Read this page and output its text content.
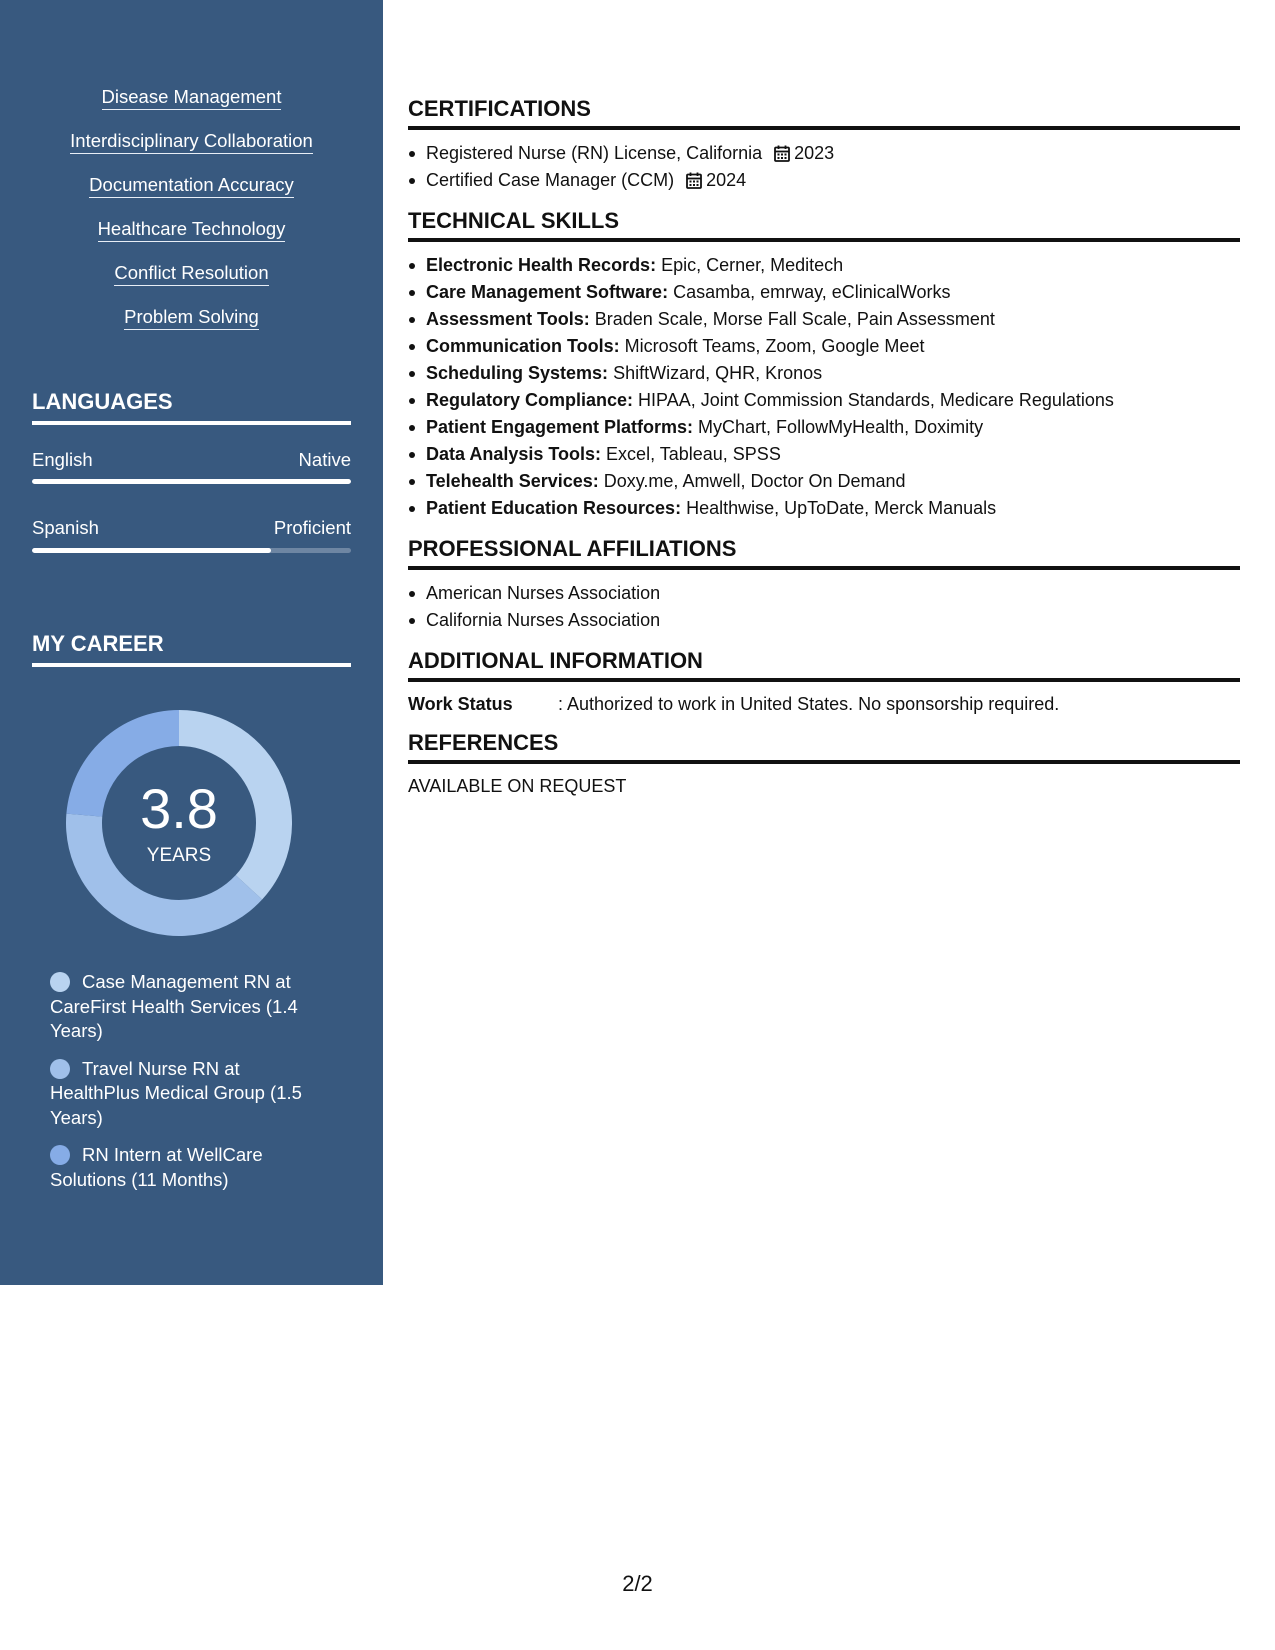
Disease Management
Interdisciplinary Collaboration
Documentation Accuracy
Healthcare Technology
Conflict Resolution
Problem Solving
LANGUAGES
English	Native
Spanish	Proficient
MY CAREER
3.8
YEARS
Case Management RN at CareFirst Health Services (1.4 Years)
Travel Nurse RN at HealthPlus Medical Group (1.5 Years)
RN Intern at WellCare Solutions (11 Months)
CERTIFICATIONS
Registered Nurse (RN) License, California 2023
Certified Case Manager (CCM) 2024
TECHNICAL SKILLS
Electronic Health Records: Epic, Cerner, Meditech
Care Management Software: Casamba, emrway, eClinicalWorks
Assessment Tools: Braden Scale, Morse Fall Scale, Pain Assessment
Communication Tools: Microsoft Teams, Zoom, Google Meet
Scheduling Systems: ShiftWizard, QHR, Kronos
Regulatory Compliance: HIPAA, Joint Commission Standards, Medicare Regulations
Patient Engagement Platforms: MyChart, FollowMyHealth, Doximity
Data Analysis Tools: Excel, Tableau, SPSS
Telehealth Services: Doxy.me, Amwell, Doctor On Demand
Patient Education Resources: Healthwise, UpToDate, Merck Manuals
PROFESSIONAL AFFILIATIONS
American Nurses Association
California Nurses Association
ADDITIONAL INFORMATION
Work Status	: Authorized to work in United States. No sponsorship required.
REFERENCES
AVAILABLE ON REQUEST
2/2
